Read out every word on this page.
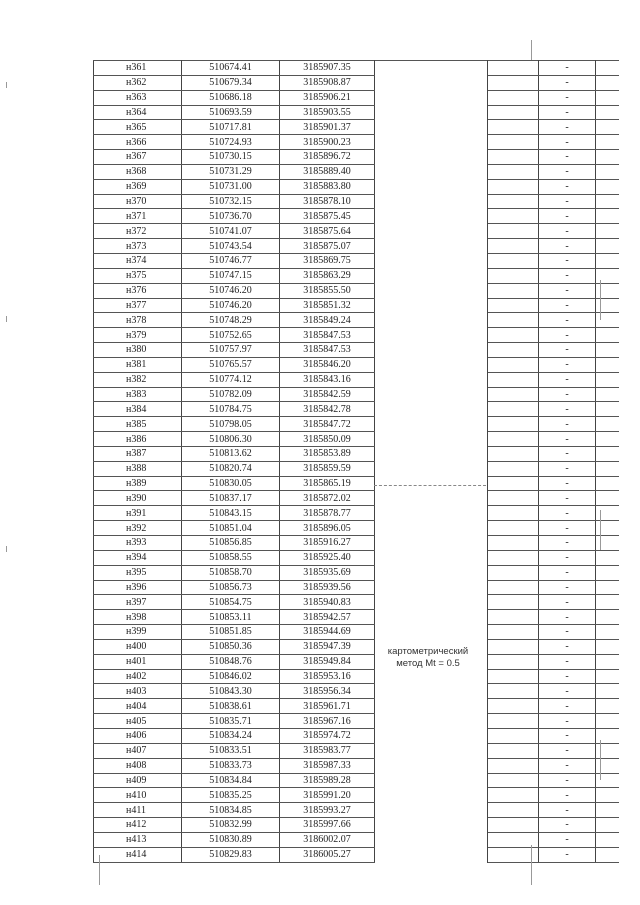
н361	510674.41	3185907.35			-	
н362	510679.34	3185908.87			-	
н363	510686.18	3185906.21			-	
н364	510693.59	3185903.55			-	
н365	510717.81	3185901.37			-	
н366	510724.93	3185900.23			-	
н367	510730.15	3185896.72			-	
н368	510731.29	3185889.40			-	
н369	510731.00	3185883.80			-	
н370	510732.15	3185878.10			-	
н371	510736.70	3185875.45			-	
н372	510741.07	3185875.64			-	
н373	510743.54	3185875.07			-	
н374	510746.77	3185869.75			-	
н375	510747.15	3185863.29			-	
н376	510746.20	3185855.50			-	
н377	510746.20	3185851.32			-	
н378	510748.29	3185849.24			-	
н379	510752.65	3185847.53			-	
н380	510757.97	3185847.53			-	
н381	510765.57	3185846.20			-	
н382	510774.12	3185843.16			-	
н383	510782.09	3185842.59			-	
н384	510784.75	3185842.78			-	
н385	510798.05	3185847.72			-	
н386	510806.30	3185850.09			-	
н387	510813.62	3185853.89			-	
н388	510820.74	3185859.59			-	
н389	510830.05	3185865.19			-	
н390	510837.17	3185872.02			-	
н391	510843.15	3185878.77			-	
н392	510851.04	3185896.05			-	
н393	510856.85	3185916.27			-	
н394	510858.55	3185925.40			-	
н395	510858.70	3185935.69			-	
н396	510856.73	3185939.56			-	
н397	510854.75	3185940.83			-	
н398	510853.11	3185942.57			-	
н399	510851.85	3185944.69			-	
н400	510850.36	3185947.39			-	
н401	510848.76	3185949.84			-	
н402	510846.02	3185953.16			-	
н403	510843.30	3185956.34			-	
н404	510838.61	3185961.71			-	
н405	510835.71	3185967.16			-	
н406	510834.24	3185974.72			-	
н407	510833.51	3185983.77			-	
н408	510833.73	3185987.33			-	
н409	510834.84	3185989.28			-	
н410	510835.25	3185991.20			-	
н411	510834.85	3185993.27			-	
н412	510832.99	3185997.66			-	
н413	510830.89	3186002.07			-	
н414	510829.83	3186005.27			-	
картометрический
метод Mt = 0.5
